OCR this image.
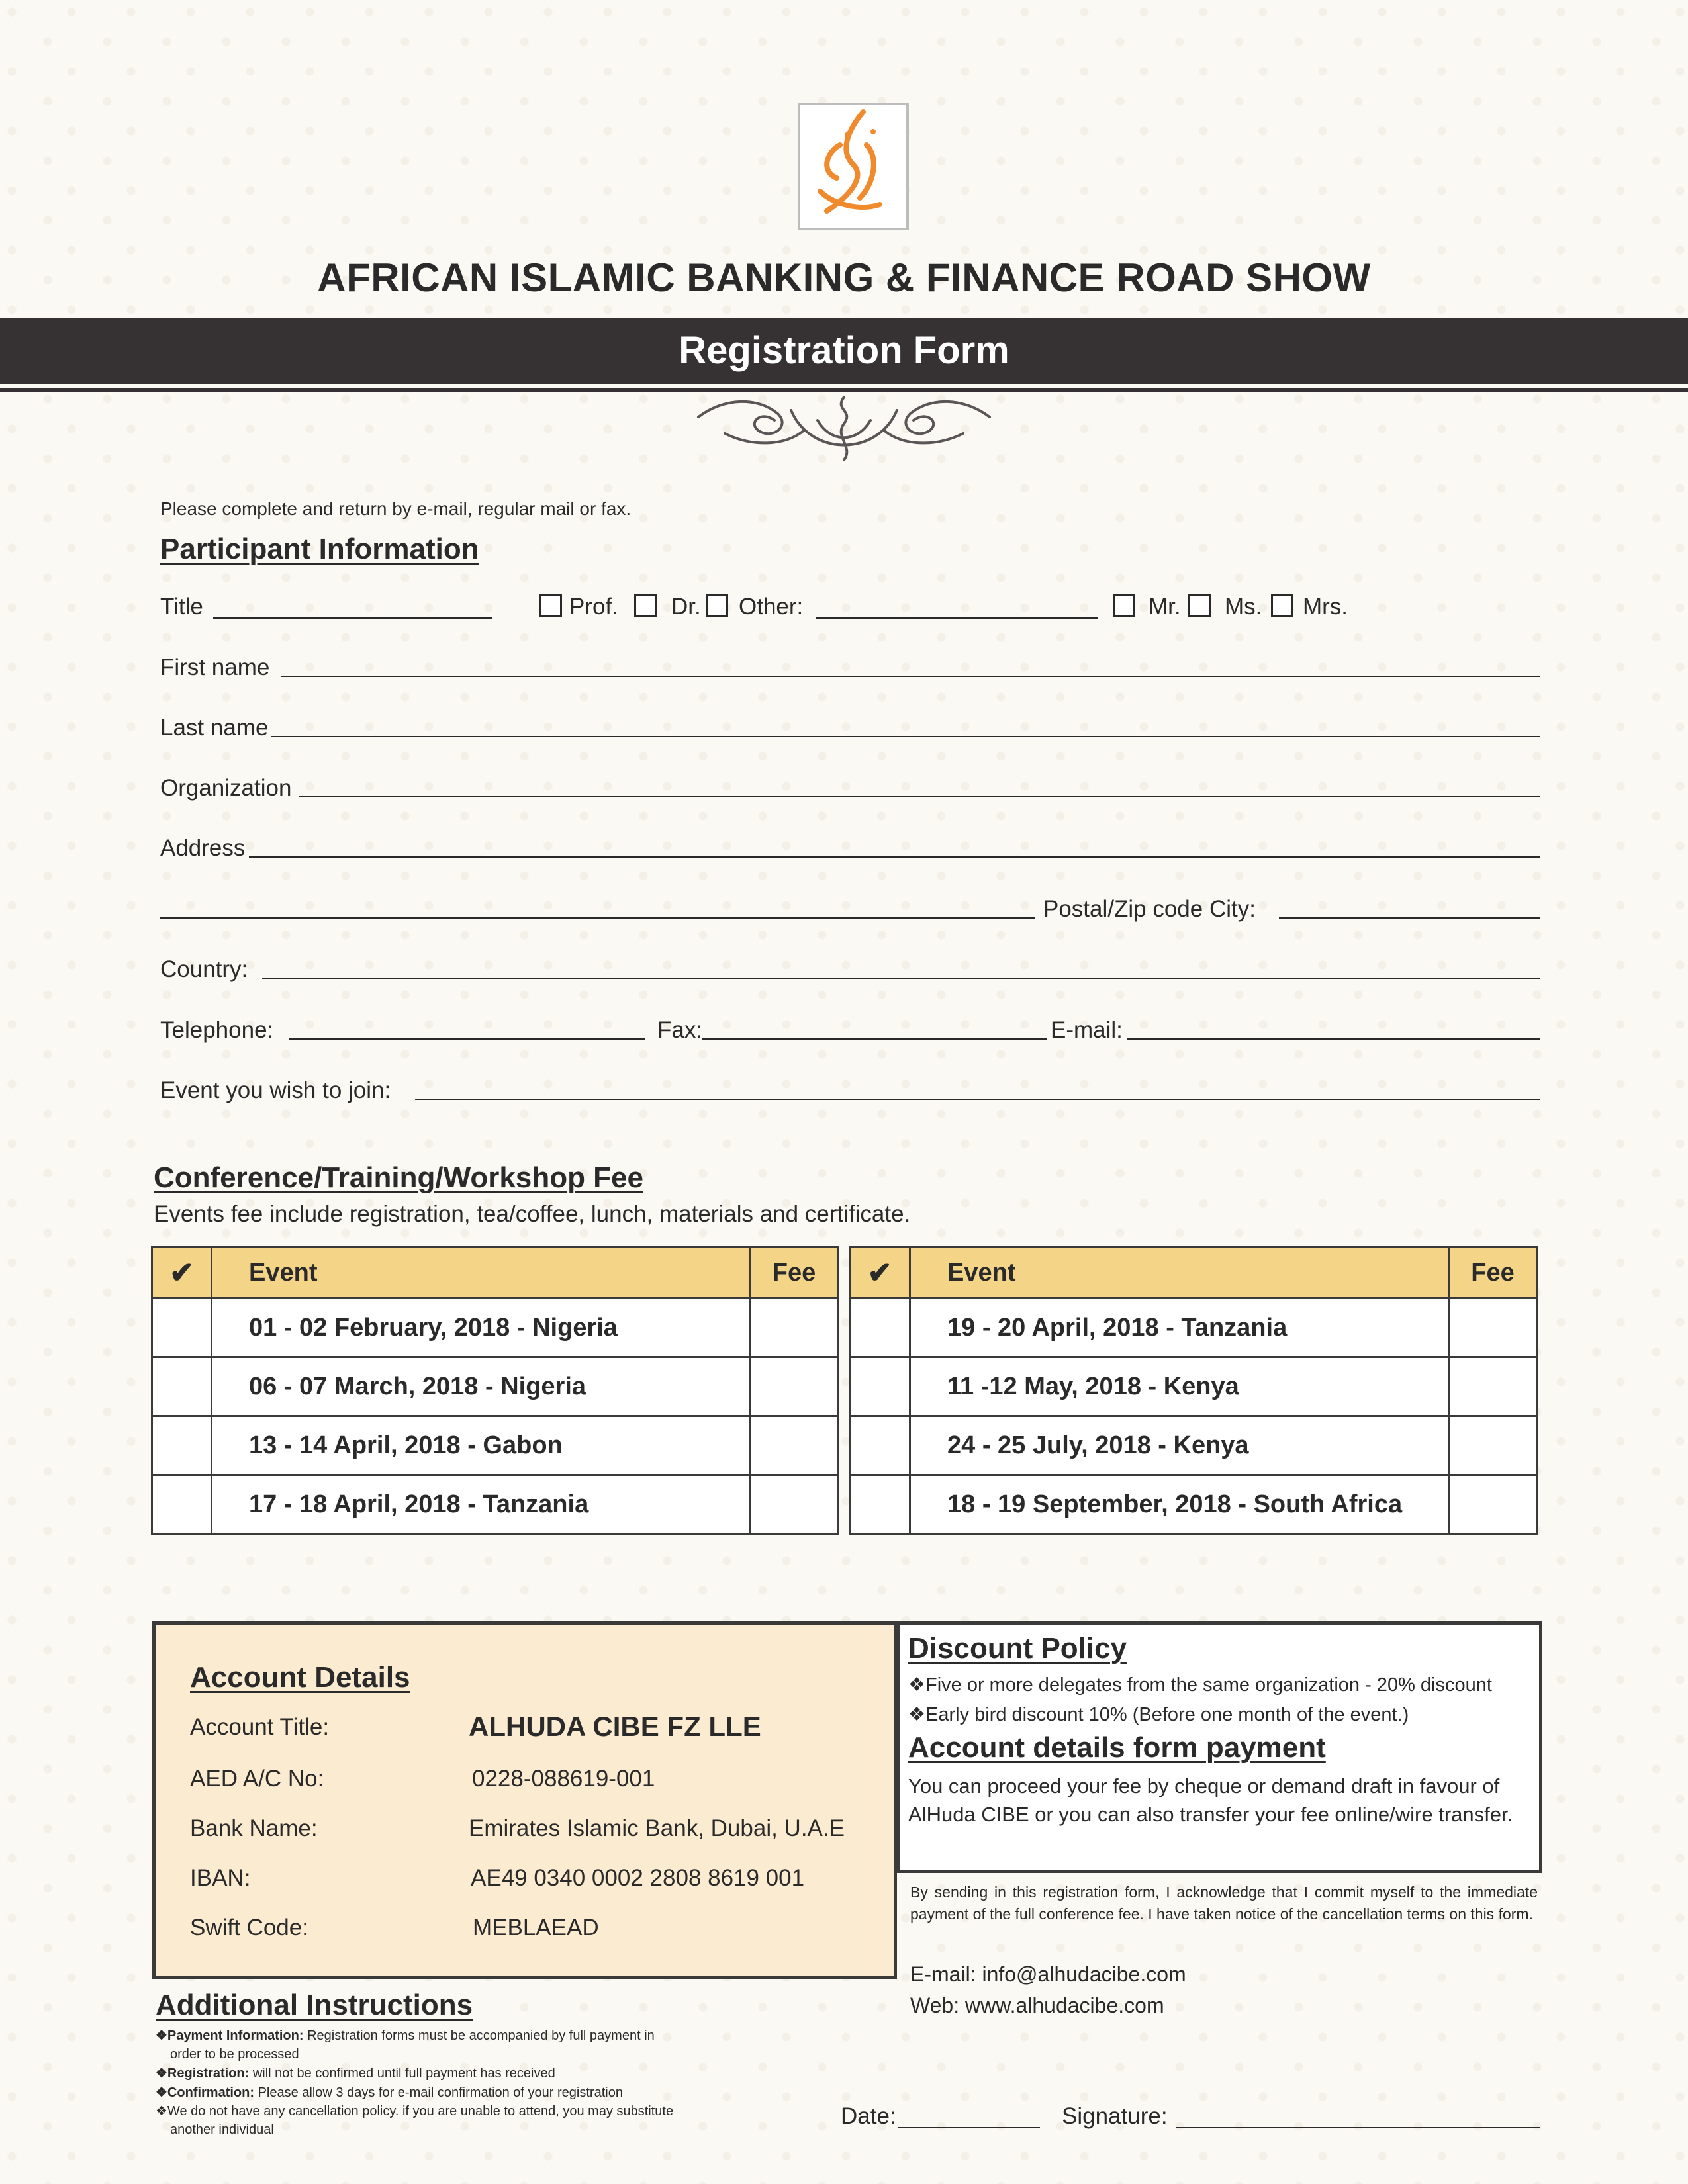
AFRICAN ISLAMIC BANKING & FINANCE ROAD SHOW
Registration Form
Please complete and return by e-mail, regular mail or fax.
Participant Information
Title	Prof. Dr. Other:	Mr. Ms. Mrs.
First name
Last name
Organization
Address
Postal/Zip code City:
Country:
Telephone:	Fax:	E-mail:
Event you wish to join:
Conference/Training/Workshop Fee
Events fee include registration, tea/coffee, lunch, materials and certificate.
✔	Event	Fee
	01 - 02 February, 2018 - Nigeria	
	06 - 07 March, 2018 - Nigeria	
	13 - 14 April, 2018 - Gabon	
	17 - 18 April, 2018 - Tanzania	
✔	Event	Fee
	19 - 20 April, 2018 - Tanzania	
	11 -12 May, 2018 - Kenya	
	24 - 25 July, 2018 - Kenya	
	18 - 19 September, 2018 - South Africa	
Account Details
Account Title:	ALHUDA CIBE FZ LLE
AED A/C No:	0228-088619-001
Bank Name:	Emirates Islamic Bank, Dubai, U.A.E
IBAN:	AE49 0340 0002 2808 8619 001
Swift Code:	MEBLAEAD
Discount Policy
❖Five or more delegates from the same organization - 20% discount
❖Early bird discount 10% (Before one month of the event.)
Account details form payment
You can proceed your fee by cheque or demand draft in favour of AlHuda CIBE or you can also transfer your fee online/wire transfer.
By sending in this registration form, I acknowledge that I commit myself to the immediate payment of the full conference fee. I have taken notice of the cancellation terms on this form.
E-mail: info@alhudacibe.com
Web: www.alhudacibe.com
Additional Instructions
❖Payment Information: Registration forms must be accompanied by full payment in
order to be processed
❖Registration: will not be confirmed until full payment has received
❖Confirmation: Please allow 3 days for e-mail confirmation of your registration
❖We do not have any cancellation policy. if you are unable to attend, you may substitute
another individual
Date:	Signature:
